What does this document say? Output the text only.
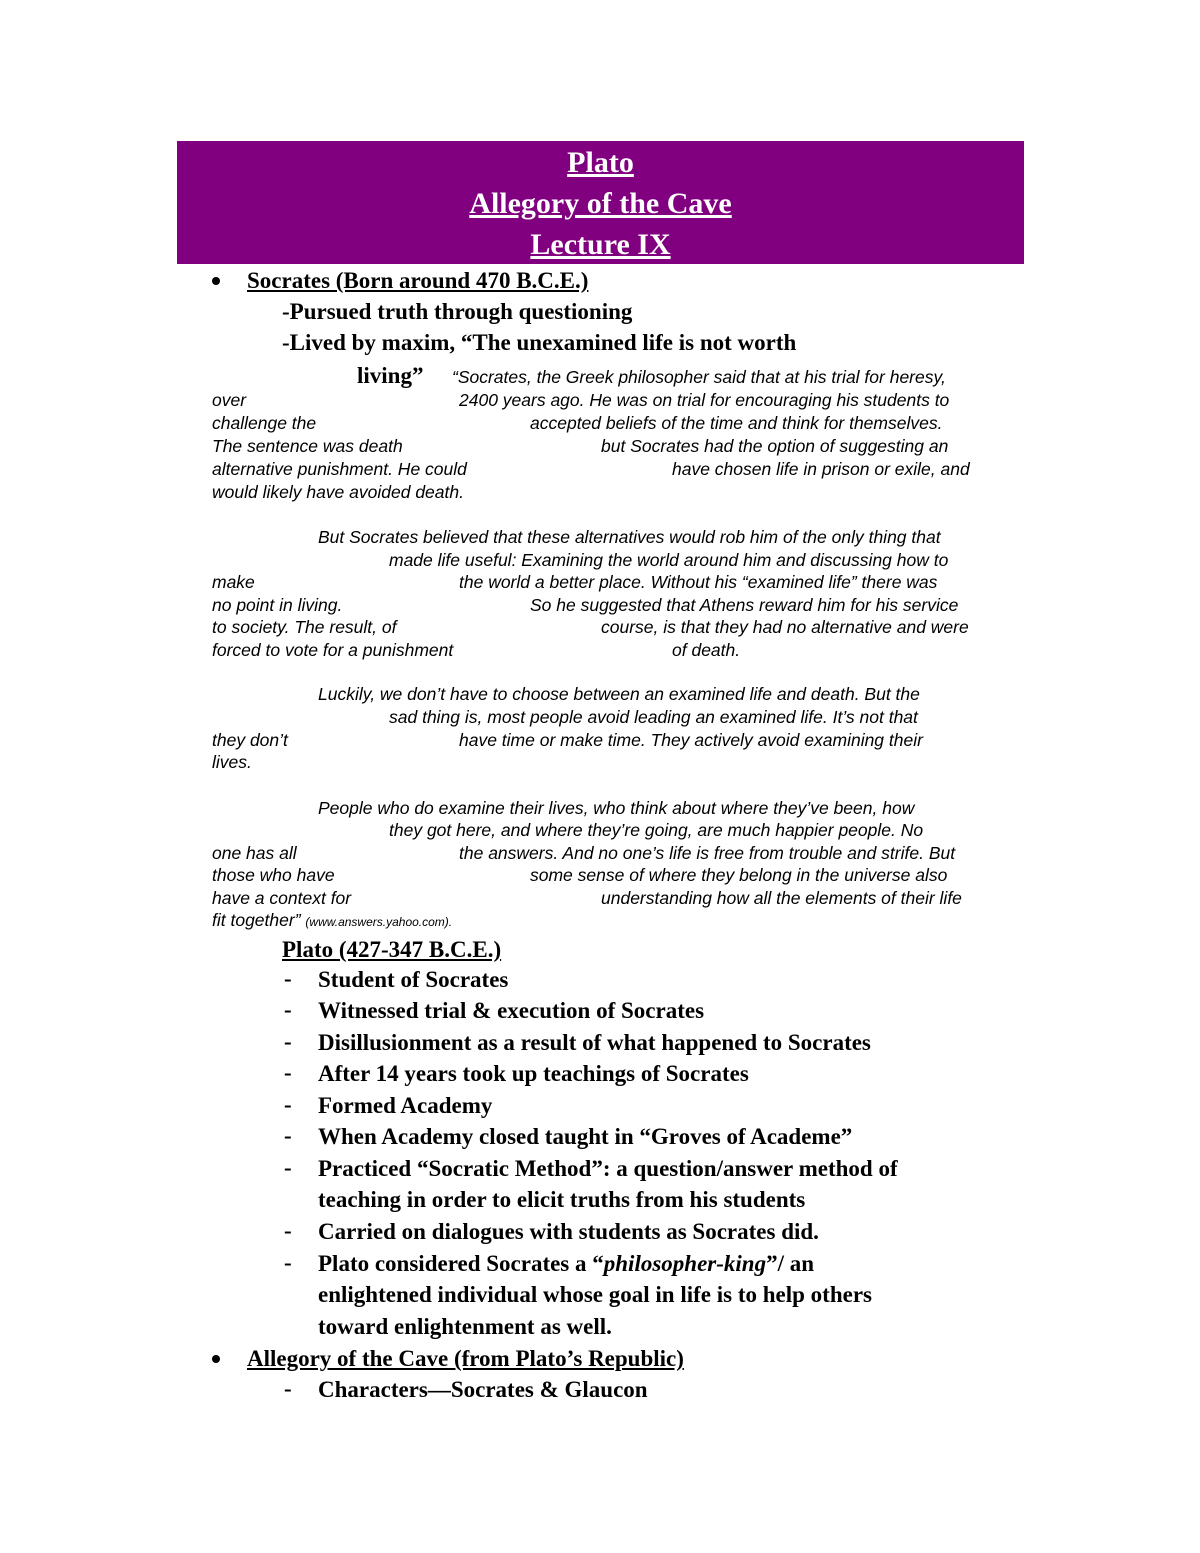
Plato
Allegory of the Cave
Lecture IX
Socrates (Born around 470 B.C.E.)
-Pursued truth through questioning
-Lived by maxim, “The unexamined life is not worth
living” “Socrates, the Greek philosopher said that at his trial for heresy,
over	2400 years ago. He was on trial for encouraging his students to
challenge the	accepted beliefs of the time and think for themselves.
The sentence was death	but Socrates had the option of suggesting an
alternative punishment. He could	have chosen life in prison or exile, and
would likely have avoided death.
But Socrates believed that these alternatives would rob him of the only thing that
made life useful: Examining the world around him and discussing how to
make	the world a better place. Without his “examined life” there was
no point in living.	So he suggested that Athens reward him for his service
to society. The result, of	course, is that they had no alternative and were
forced to vote for a punishment	of death.
Luckily, we don’t have to choose between an examined life and death. But the
sad thing is, most people avoid leading an examined life. It’s not that
they don’t	have time or make time. They actively avoid examining their
lives.
People who do examine their lives, who think about where they’ve been, how
they got here, and where they’re going, are much happier people. No
one has all	the answers. And no one’s life is free from trouble and strife. But
those who have	some sense of where they belong in the universe also
have a context for	understanding how all the elements of their life
fit together” (www.answers.yahoo.com).
Plato (427-347 B.C.E.)
- Student of Socrates
- Witnessed trial & execution of Socrates
- Disillusionment as a result of what happened to Socrates
- After 14 years took up teachings of Socrates
- Formed Academy
- When Academy closed taught in “Groves of Academe”
- Practiced “Socratic Method”: a question/answer method of
teaching in order to elicit truths from his students
- Carried on dialogues with students as Socrates did.
- Plato considered Socrates a “philosopher-king”/ an
enlightened individual whose goal in life is to help others
toward enlightenment as well.
Allegory of the Cave (from Plato’s Republic)
- Characters—Socrates & Glaucon
